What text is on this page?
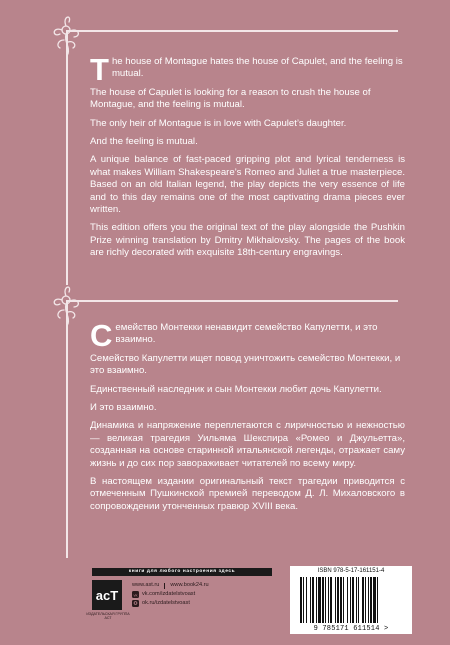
The house of Montague hates the house of Capulet, and the feeling is mutual.

The house of Capulet is looking for a reason to crush the house of Montague, and the feeling is mutual.

The only heir of Montague is in love with Capulet’s daughter.

And the feeling is mutual.

A unique balance of fast-paced gripping plot and lyrical tenderness is what makes William Shakespeare’s Romeo and Juliet a true masterpiece. Based on an old Italian legend, the play depicts the very essence of life and to this day remains one of the most captivating drama pieces ever written.

This edition offers you the original text of the play alongside the Pushkin Prize winning translation by Dmitry Mikhalovsky. The pages of the book are richly decorated with exquisite 18th-century engravings.

Семейство Монтекки ненавидит семейство Капулетти, и это взаимно.

Семейство Капулетти ищет повод уничтожить семейство Монтекки, и это взаимно.

Единственный наследник и сын Монтекки любит дочь Капулетти.

И это взаимно.

Динамика и напряжение переплетаются с лиричностью и нежностью — великая трагедия Уильяма Шекспира «Ромео и Джульетта», созданная на основе старинной итальянской легенды, отражает саму жизнь и до сих пор завораживает читателей по всему миру.

В настоящем издании оригинальный текст трагедии приводится с отмеченным Пушкинской премией переводом Д. Л. Михаловского в сопровождении утонченных гравюр XVIII века.

книги для любого настроения здесь
acT
ИЗДАТЕЛЬСКАЯ ГРУППА АСТ
www.ast.ru www.book24.ru
vk vk.com/izdatelstvoast
ok.ru/izdatelstvoast
ISBN 978-5-17-161151-4
9 785171 611514 >
